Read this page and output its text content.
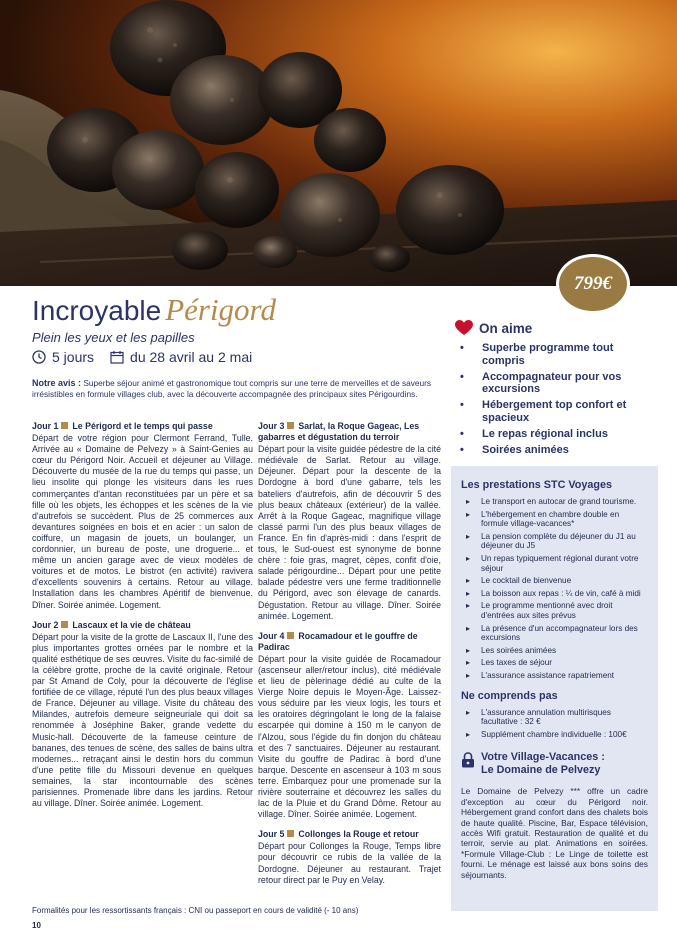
799€
Incroyable Périgord
Plein les yeux et les papilles
5 jours	du 28 avril au 2 mai
Notre avis : Superbe séjour animé et gastronomique tout compris sur une terre de merveilles et de saveurs irrésistibles en formule villages club, avec la découverte accompagnée des principaux sites Périgourdins.
Jour 1 Le Périgord et le temps qui passe
Départ de votre région pour Clermont Ferrand, Tulle. Arrivée au « Domaine de Pelvezy » à Saint-Genies au cœur du Périgord Noir. Accueil et déjeuner au Village. Découverte du musée de la rue du temps qui passe, un lieu insolite qui plonge les visiteurs dans les rues commerçantes d'antan reconstituées par un père et sa fille où les objets, les échoppes et les scènes de la vie d'autrefois se succèdent. Plus de 25 commerces aux devantures soignées en bois et en acier : un salon de coiffure, un magasin de jouets, un boulanger, un cordonnier, un bureau de poste, une droguerie... et même un ancien garage avec de vieux modèles de voitures et de motos. Le bistrot (en activité) ravivera d'excellents souvenirs à certains. Retour au village. Installation dans les chambres Apéritif de bienvenue. Dîner. Soirée animée. Logement.
Jour 2 Lascaux et la vie de château
Départ pour la visite de la grotte de Lascaux II, l'une des plus importantes grottes ornées par le nombre et la qualité esthétique de ses œuvres. Visite du fac-similé de la célèbre grotte, proche de la cavité originale. Retour par St Amand de Coly, pour la découverte de l'église fortifiée de ce village, réputé l'un des plus beaux villages de France. Déjeuner au village. Visite du château des Milandes, autrefois demeure seigneuriale qui doit sa renommée à Joséphine Baker, grande vedette du Music-hall. Découverte de la fameuse ceinture de bananes, des tenues de scène, des salles de bains ultra modernes... retraçant ainsi le destin hors du commun d'une petite fille du Missouri devenue en quelques semaines, la star incontournable des scènes parisiennes. Promenade libre dans les jardins. Retour au village. Dîner. Soirée animée. Logement.
Jour 3 Sarlat, la Roque Gageac, Les gabarres et dégustation du terroir
Départ pour la visite guidée pédestre de la cité médiévale de Sarlat. Retour au village. Déjeuner. Départ pour la descente de la Dordogne à bord d'une gabarre, tels les bateliers d'autrefois, afin de découvrir 5 des plus beaux châteaux (extérieur) de la vallée. Arrêt à la Roque Gageac, magnifique village classé parmi l'un des plus beaux villages de France. En fin d'après-midi : dans l'esprit de tous, le Sud-ouest est synonyme de bonne chère : foie gras, magret, cèpes, confit d'oie, salade périgourdine... Départ pour une petite balade pédestre vers une ferme traditionnelle du Périgord, avec son élevage de canards. Dégustation. Retour au village. Dîner. Soirée animée. Logement.
Jour 4 Rocamadour et le gouffre de Padirac
Départ pour la visite guidée de Rocamadour (ascenseur aller/retour inclus), cité médiévale et lieu de pèlerinage dédié au culte de la Vierge Noire depuis le Moyen-Âge. Laissez-vous séduire par les vieux logis, les tours et les oratoires dégringolant le long de la falaise escarpée qui domine à 150 m le canyon de l'Alzou, sous l'égide du fin donjon du château et des 7 sanctuaires. Déjeuner au restaurant. Visite du gouffre de Padirac à bord d'une barque. Descente en ascenseur à 103 m sous terre. Embarquez pour une promenade sur la rivière souterraine et découvrez les salles du lac de la Pluie et du Grand Dôme. Retour au village. Dîner. Soirée animée. Logement.
Jour 5 Collonges la Rouge et retour
Départ pour Collonges la Rouge, Temps libre pour découvrir ce rubis de la vallée de la Dordogne. Déjeuner au restaurant. Trajet retour direct par le Puy en Velay.
Formalités pour les ressortissants français : CNI ou passeport en cours de validité (- 10 ans)
10
On aime
• Superbe programme tout compris
• Accompagnateur pour vos excursions
• Hébergement top confort et spacieux
• Le repas régional inclus
• Soirées animées
Les prestations STC Voyages
▸ Le transport en autocar de grand tourisme.
▸ L'hébergement en chambre double en formule village-vacances*
▸ La pension complète du déjeuner du J1 au déjeuner du J5
▸ Un repas typiquement régional durant votre séjour
▸ Le cocktail de bienvenue
▸ La boisson aux repas : ¼ de vin, café à midi
▸ Le programme mentionné avec droit d'entrées aux sites prévus
▸ La présence d'un accompagnateur lors des excursions
▸ Les soirées animées
▸ Les taxes de séjour
▸ L'assurance assistance rapatriement
Ne comprends pas
▸ L'assurance annulation multirisques facultative : 32 €
▸ Supplément chambre individuelle : 100€
Votre Village-Vacances :
Le Domaine de Pelvezy
Le Domaine de Pelvezy *** offre un cadre d'exception au cœur du Périgord noir. Hébergement grand confort dans des chalets bois de haute qualité. Piscine, Bar, Espace télévision, accès Wifi gratuit. Restauration de qualité et du terroir, servie au plat. Animations en soirées. *Formule Village-Club : Le Linge de toilette est fourni. Le ménage est laissé aux bons soins des séjournants.
